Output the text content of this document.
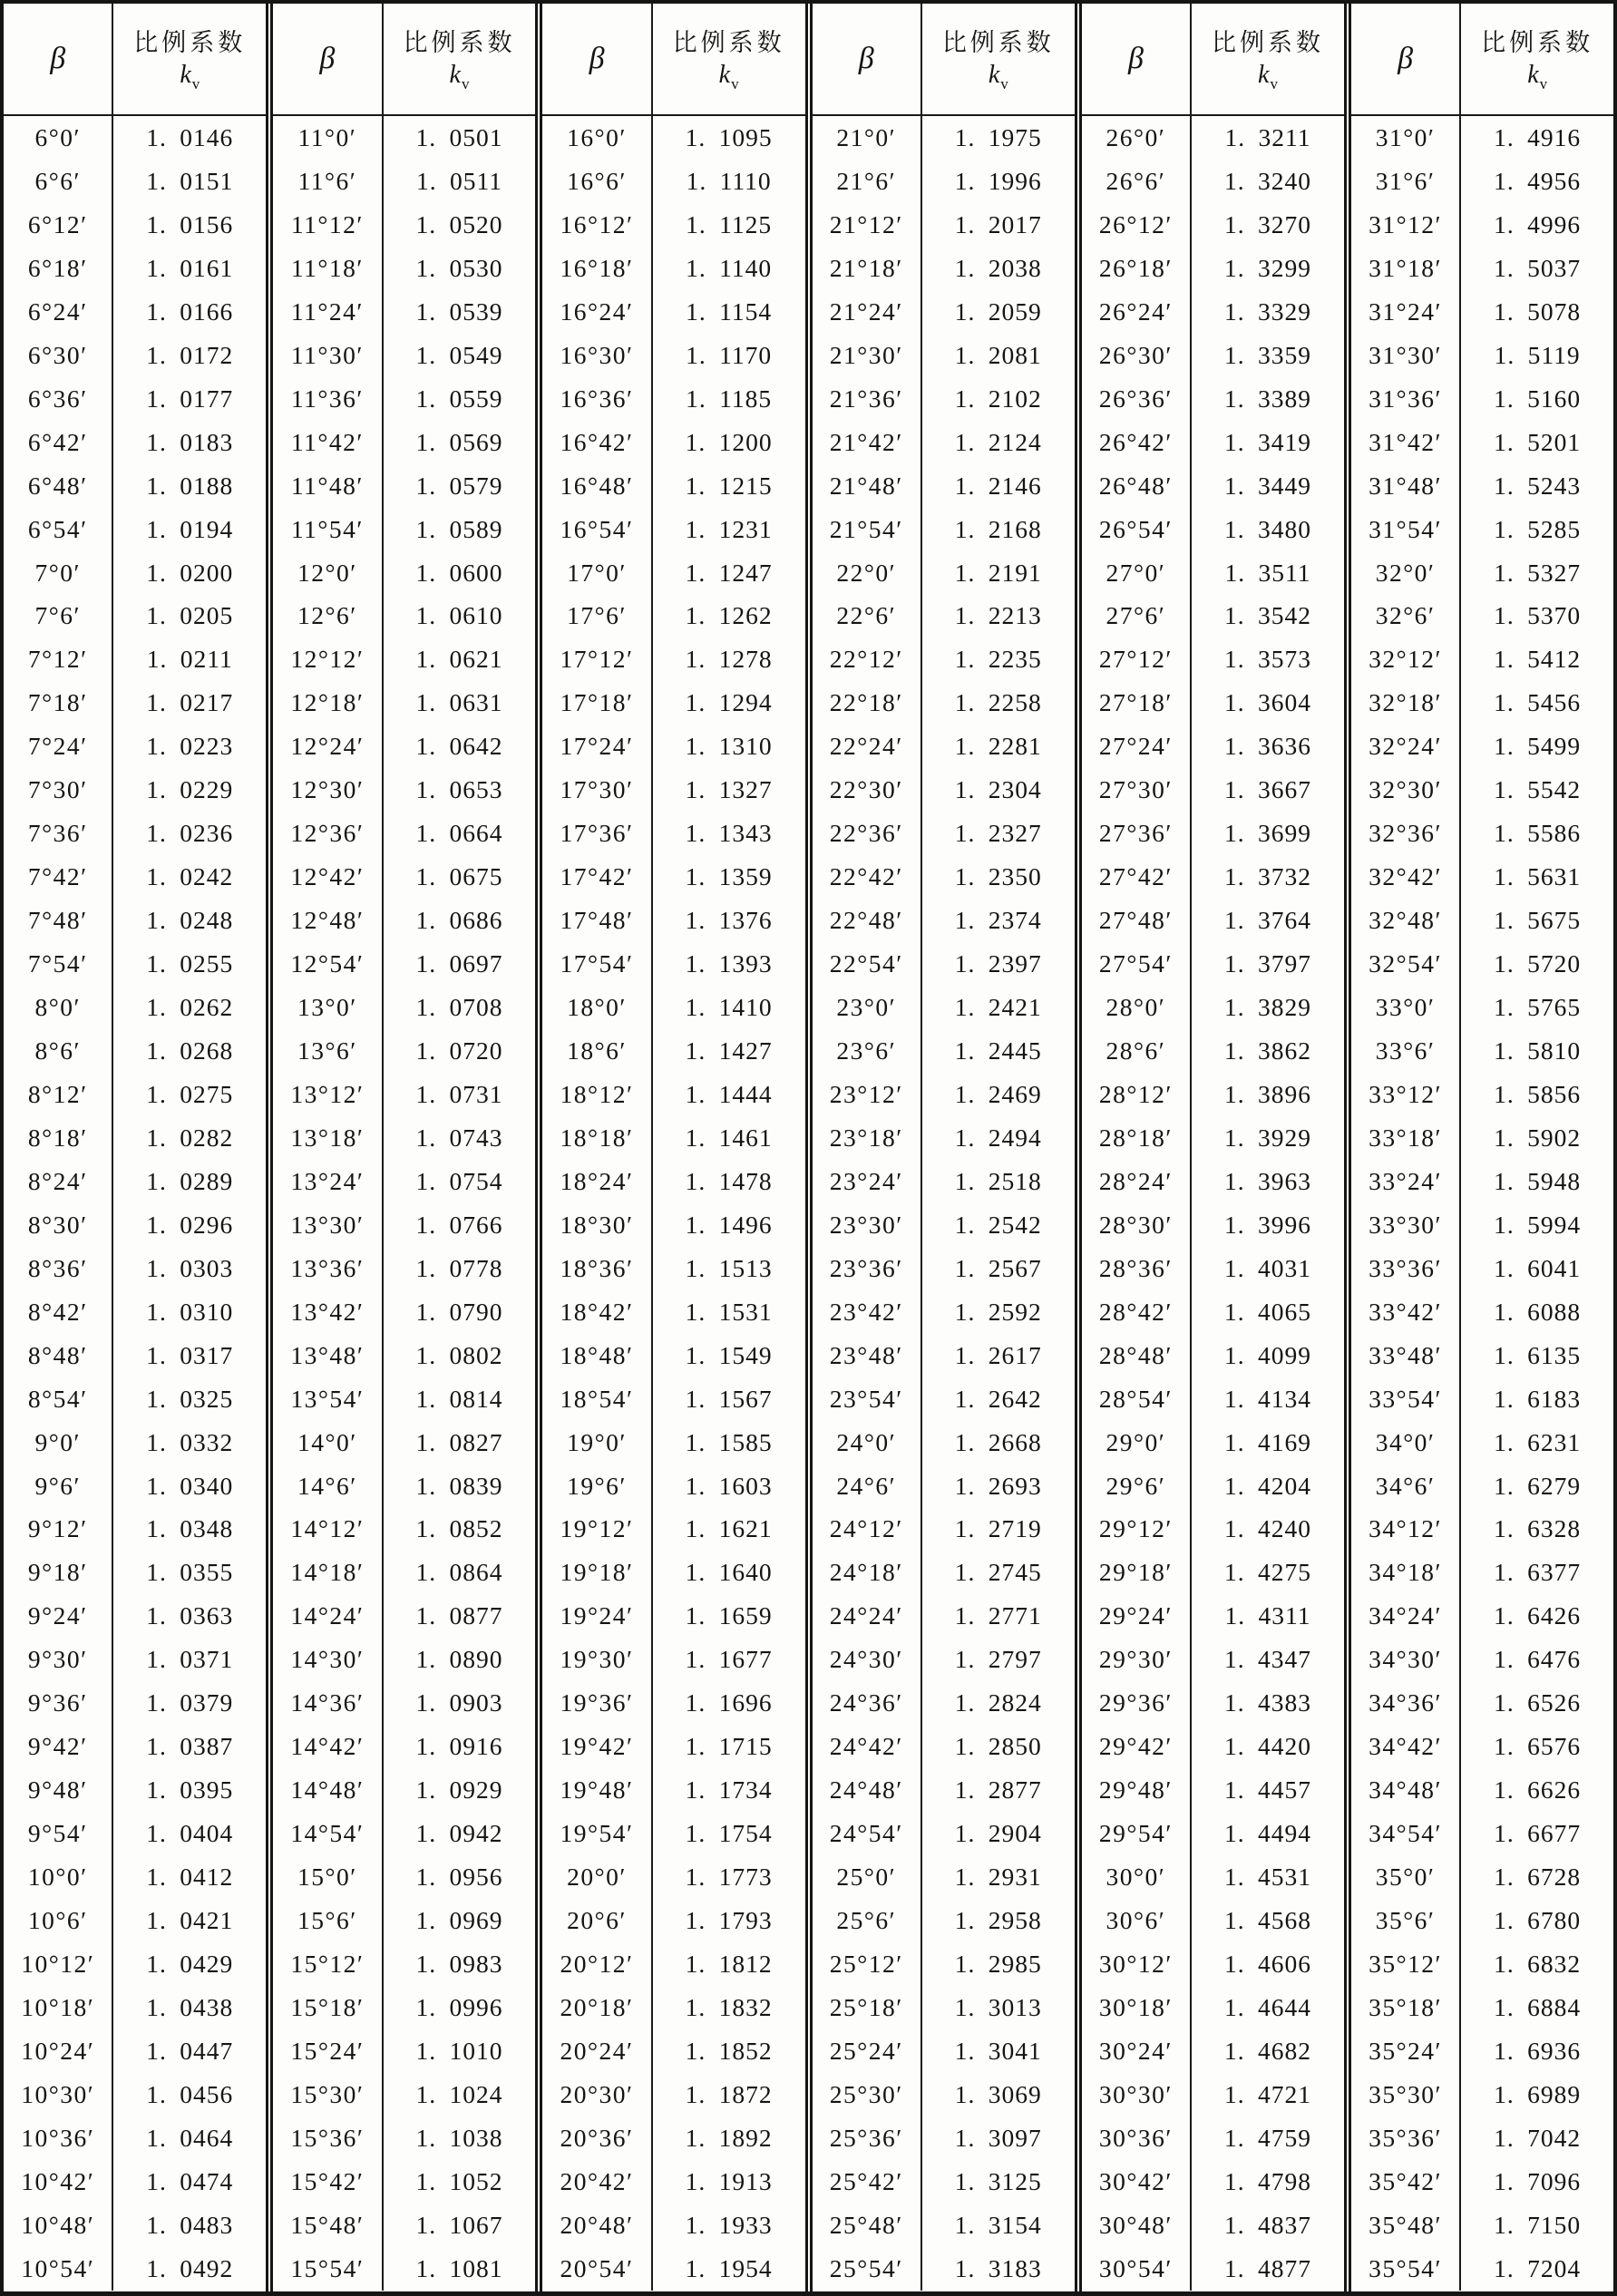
β	比例系数
$k_v$
6°0′	1.  0146
6°6′	1.  0151
6°12′ 1.  0156
6°18′ 1.  0161
6°24′ 1.  0166
6°30′ 1.  0172
6°36′ 1.  0177
6°42′ 1.  0183
6°48′ 1.  0188
6°54′ 1.  0194
7°0′	1.  0200
7°6′	1.  0205
7°12′ 1.  0211
7°18′ 1.  0217
7°24′ 1.  0223
7°30′ 1.  0229
7°36′ 1.  0236
7°42′ 1.  0242
7°48′ 1.  0248
7°54′ 1.  0255
8°0′	1.  0262
8°6′	1.  0268
8°12′ 1.  0275
8°18′ 1.  0282
8°24′ 1.  0289
8°30′ 1.  0296
8°36′ 1.  0303
8°42′ 1.  0310
8°48′ 1.  0317
8°54′ 1.  0325
9°0′	1.  0332
9°6′	1.  0340
9°12′ 1.  0348
9°18′ 1.  0355
9°24′ 1.  0363
9°30′ 1.  0371
9°36′ 1.  0379
9°42′ 1.  0387
9°48′ 1.  0395
9°54′ 1.  0404
10°0′ 1.  0412
10°6′ 1.  0421
10°12′ 1.  0429
10°18′ 1.  0438
10°24′ 1.  0447
10°30′ 1.  0456
10°36′ 1.  0464
10°42′ 1.  0474
10°48′ 1.  0483
10°54′ 1.  0492
β	比例系数
$k_v$
11°0′ 1.  0501
11°6′ 1.  0511
11°12′ 1.  0520
11°18′ 1.  0530
11°24′ 1.  0539
11°30′ 1.  0549
11°36′ 1.  0559
11°42′ 1.  0569
11°48′ 1.  0579
11°54′ 1.  0589
12°0′ 1.  0600
12°6′ 1.  0610
12°12′ 1.  0621
12°18′ 1.  0631
12°24′ 1.  0642
12°30′ 1.  0653
12°36′ 1.  0664
12°42′ 1.  0675
12°48′ 1.  0686
12°54′ 1.  0697
13°0′ 1.  0708
13°6′ 1.  0720
13°12′ 1.  0731
13°18′ 1.  0743
13°24′ 1.  0754
13°30′ 1.  0766
13°36′ 1.  0778
13°42′ 1.  0790
13°48′ 1.  0802
13°54′ 1.  0814
14°0′ 1.  0827
14°6′ 1.  0839
14°12′ 1.  0852
14°18′ 1.  0864
14°24′ 1.  0877
14°30′ 1.  0890
14°36′ 1.  0903
14°42′ 1.  0916
14°48′ 1.  0929
14°54′ 1.  0942
15°0′ 1.  0956
15°6′ 1.  0969
15°12′ 1.  0983
15°18′ 1.  0996
15°24′ 1.  1010
15°30′ 1.  1024
15°36′ 1.  1038
15°42′ 1.  1052
15°48′ 1.  1067
15°54′ 1.  1081
β	比例系数
$k_v$
16°0′ 1.  1095
16°6′ 1.  1110
16°12′ 1.  1125
16°18′ 1.  1140
16°24′ 1.  1154
16°30′ 1.  1170
16°36′ 1.  1185
16°42′ 1.  1200
16°48′ 1.  1215
16°54′ 1.  1231
17°0′ 1.  1247
17°6′ 1.  1262
17°12′ 1.  1278
17°18′ 1.  1294
17°24′ 1.  1310
17°30′ 1.  1327
17°36′ 1.  1343
17°42′ 1.  1359
17°48′ 1.  1376
17°54′ 1.  1393
18°0′ 1.  1410
18°6′ 1.  1427
18°12′ 1.  1444
18°18′ 1.  1461
18°24′ 1.  1478
18°30′ 1.  1496
18°36′ 1.  1513
18°42′ 1.  1531
18°48′ 1.  1549
18°54′ 1.  1567
19°0′ 1.  1585
19°6′ 1.  1603
19°12′ 1.  1621
19°18′ 1.  1640
19°24′ 1.  1659
19°30′ 1.  1677
19°36′ 1.  1696
19°42′ 1.  1715
19°48′ 1.  1734
19°54′ 1.  1754
20°0′ 1.  1773
20°6′ 1.  1793
20°12′ 1.  1812
20°18′ 1.  1832
20°24′ 1.  1852
20°30′ 1.  1872
20°36′ 1.  1892
20°42′ 1.  1913
20°48′ 1.  1933
20°54′ 1.  1954
β	比例系数
$k_v$
21°0′ 1.  1975
21°6′ 1.  1996
21°12′ 1.  2017
21°18′ 1.  2038
21°24′ 1.  2059
21°30′ 1.  2081
21°36′ 1.  2102
21°42′ 1.  2124
21°48′ 1.  2146
21°54′ 1.  2168
22°0′ 1.  2191
22°6′ 1.  2213
22°12′ 1.  2235
22°18′ 1.  2258
22°24′ 1.  2281
22°30′ 1.  2304
22°36′ 1.  2327
22°42′ 1.  2350
22°48′ 1.  2374
22°54′ 1.  2397
23°0′ 1.  2421
23°6′ 1.  2445
23°12′ 1.  2469
23°18′ 1.  2494
23°24′ 1.  2518
23°30′ 1.  2542
23°36′ 1.  2567
23°42′ 1.  2592
23°48′ 1.  2617
23°54′ 1.  2642
24°0′ 1.  2668
24°6′ 1.  2693
24°12′ 1.  2719
24°18′ 1.  2745
24°24′ 1.  2771
24°30′ 1.  2797
24°36′ 1.  2824
24°42′ 1.  2850
24°48′ 1.  2877
24°54′ 1.  2904
25°0′ 1.  2931
25°6′ 1.  2958
25°12′ 1.  2985
25°18′ 1.  3013
25°24′ 1.  3041
25°30′ 1.  3069
25°36′ 1.  3097
25°42′ 1.  3125
25°48′ 1.  3154
25°54′ 1.  3183
β	比例系数
$k_v$
26°0′ 1.  3211
26°6′ 1.  3240
26°12′ 1.  3270
26°18′ 1.  3299
26°24′ 1.  3329
26°30′ 1.  3359
26°36′ 1.  3389
26°42′ 1.  3419
26°48′ 1.  3449
26°54′ 1.  3480
27°0′ 1.  3511
27°6′ 1.  3542
27°12′ 1.  3573
27°18′ 1.  3604
27°24′ 1.  3636
27°30′ 1.  3667
27°36′ 1.  3699
27°42′ 1.  3732
27°48′ 1.  3764
27°54′ 1.  3797
28°0′ 1.  3829
28°6′ 1.  3862
28°12′ 1.  3896
28°18′ 1.  3929
28°24′ 1.  3963
28°30′ 1.  3996
28°36′ 1.  4031
28°42′ 1.  4065
28°48′ 1.  4099
28°54′ 1.  4134
29°0′ 1.  4169
29°6′ 1.  4204
29°12′ 1.  4240
29°18′ 1.  4275
29°24′ 1.  4311
29°30′ 1.  4347
29°36′ 1.  4383
29°42′ 1.  4420
29°48′ 1.  4457
29°54′ 1.  4494
30°0′ 1.  4531
30°6′ 1.  4568
30°12′ 1.  4606
30°18′ 1.  4644
30°24′ 1.  4682
30°30′ 1.  4721
30°36′ 1.  4759
30°42′ 1.  4798
30°48′ 1.  4837
30°54′ 1.  4877
β	比例系数
$k_v$
31°0′ 1.  4916
31°6′ 1.  4956
31°12′ 1.  4996
31°18′ 1.  5037
31°24′ 1.  5078
31°30′ 1.  5119
31°36′ 1.  5160
31°42′ 1.  5201
31°48′ 1.  5243
31°54′ 1.  5285
32°0′ 1.  5327
32°6′ 1.  5370
32°12′ 1.  5412
32°18′ 1.  5456
32°24′ 1.  5499
32°30′ 1.  5542
32°36′ 1.  5586
32°42′ 1.  5631
32°48′ 1.  5675
32°54′ 1.  5720
33°0′ 1.  5765
33°6′ 1.  5810
33°12′ 1.  5856
33°18′ 1.  5902
33°24′ 1.  5948
33°30′ 1.  5994
33°36′ 1.  6041
33°42′ 1.  6088
33°48′ 1.  6135
33°54′ 1.  6183
34°0′ 1.  6231
34°6′ 1.  6279
34°12′ 1.  6328
34°18′ 1.  6377
34°24′ 1.  6426
34°30′ 1.  6476
34°36′ 1.  6526
34°42′ 1.  6576
34°48′ 1.  6626
34°54′ 1.  6677
35°0′ 1.  6728
35°6′ 1.  6780
35°12′ 1.  6832
35°18′ 1.  6884
35°24′ 1.  6936
35°30′ 1.  6989
35°36′ 1.  7042
35°42′ 1.  7096
35°48′ 1.  7150
35°54′ 1.  7204
